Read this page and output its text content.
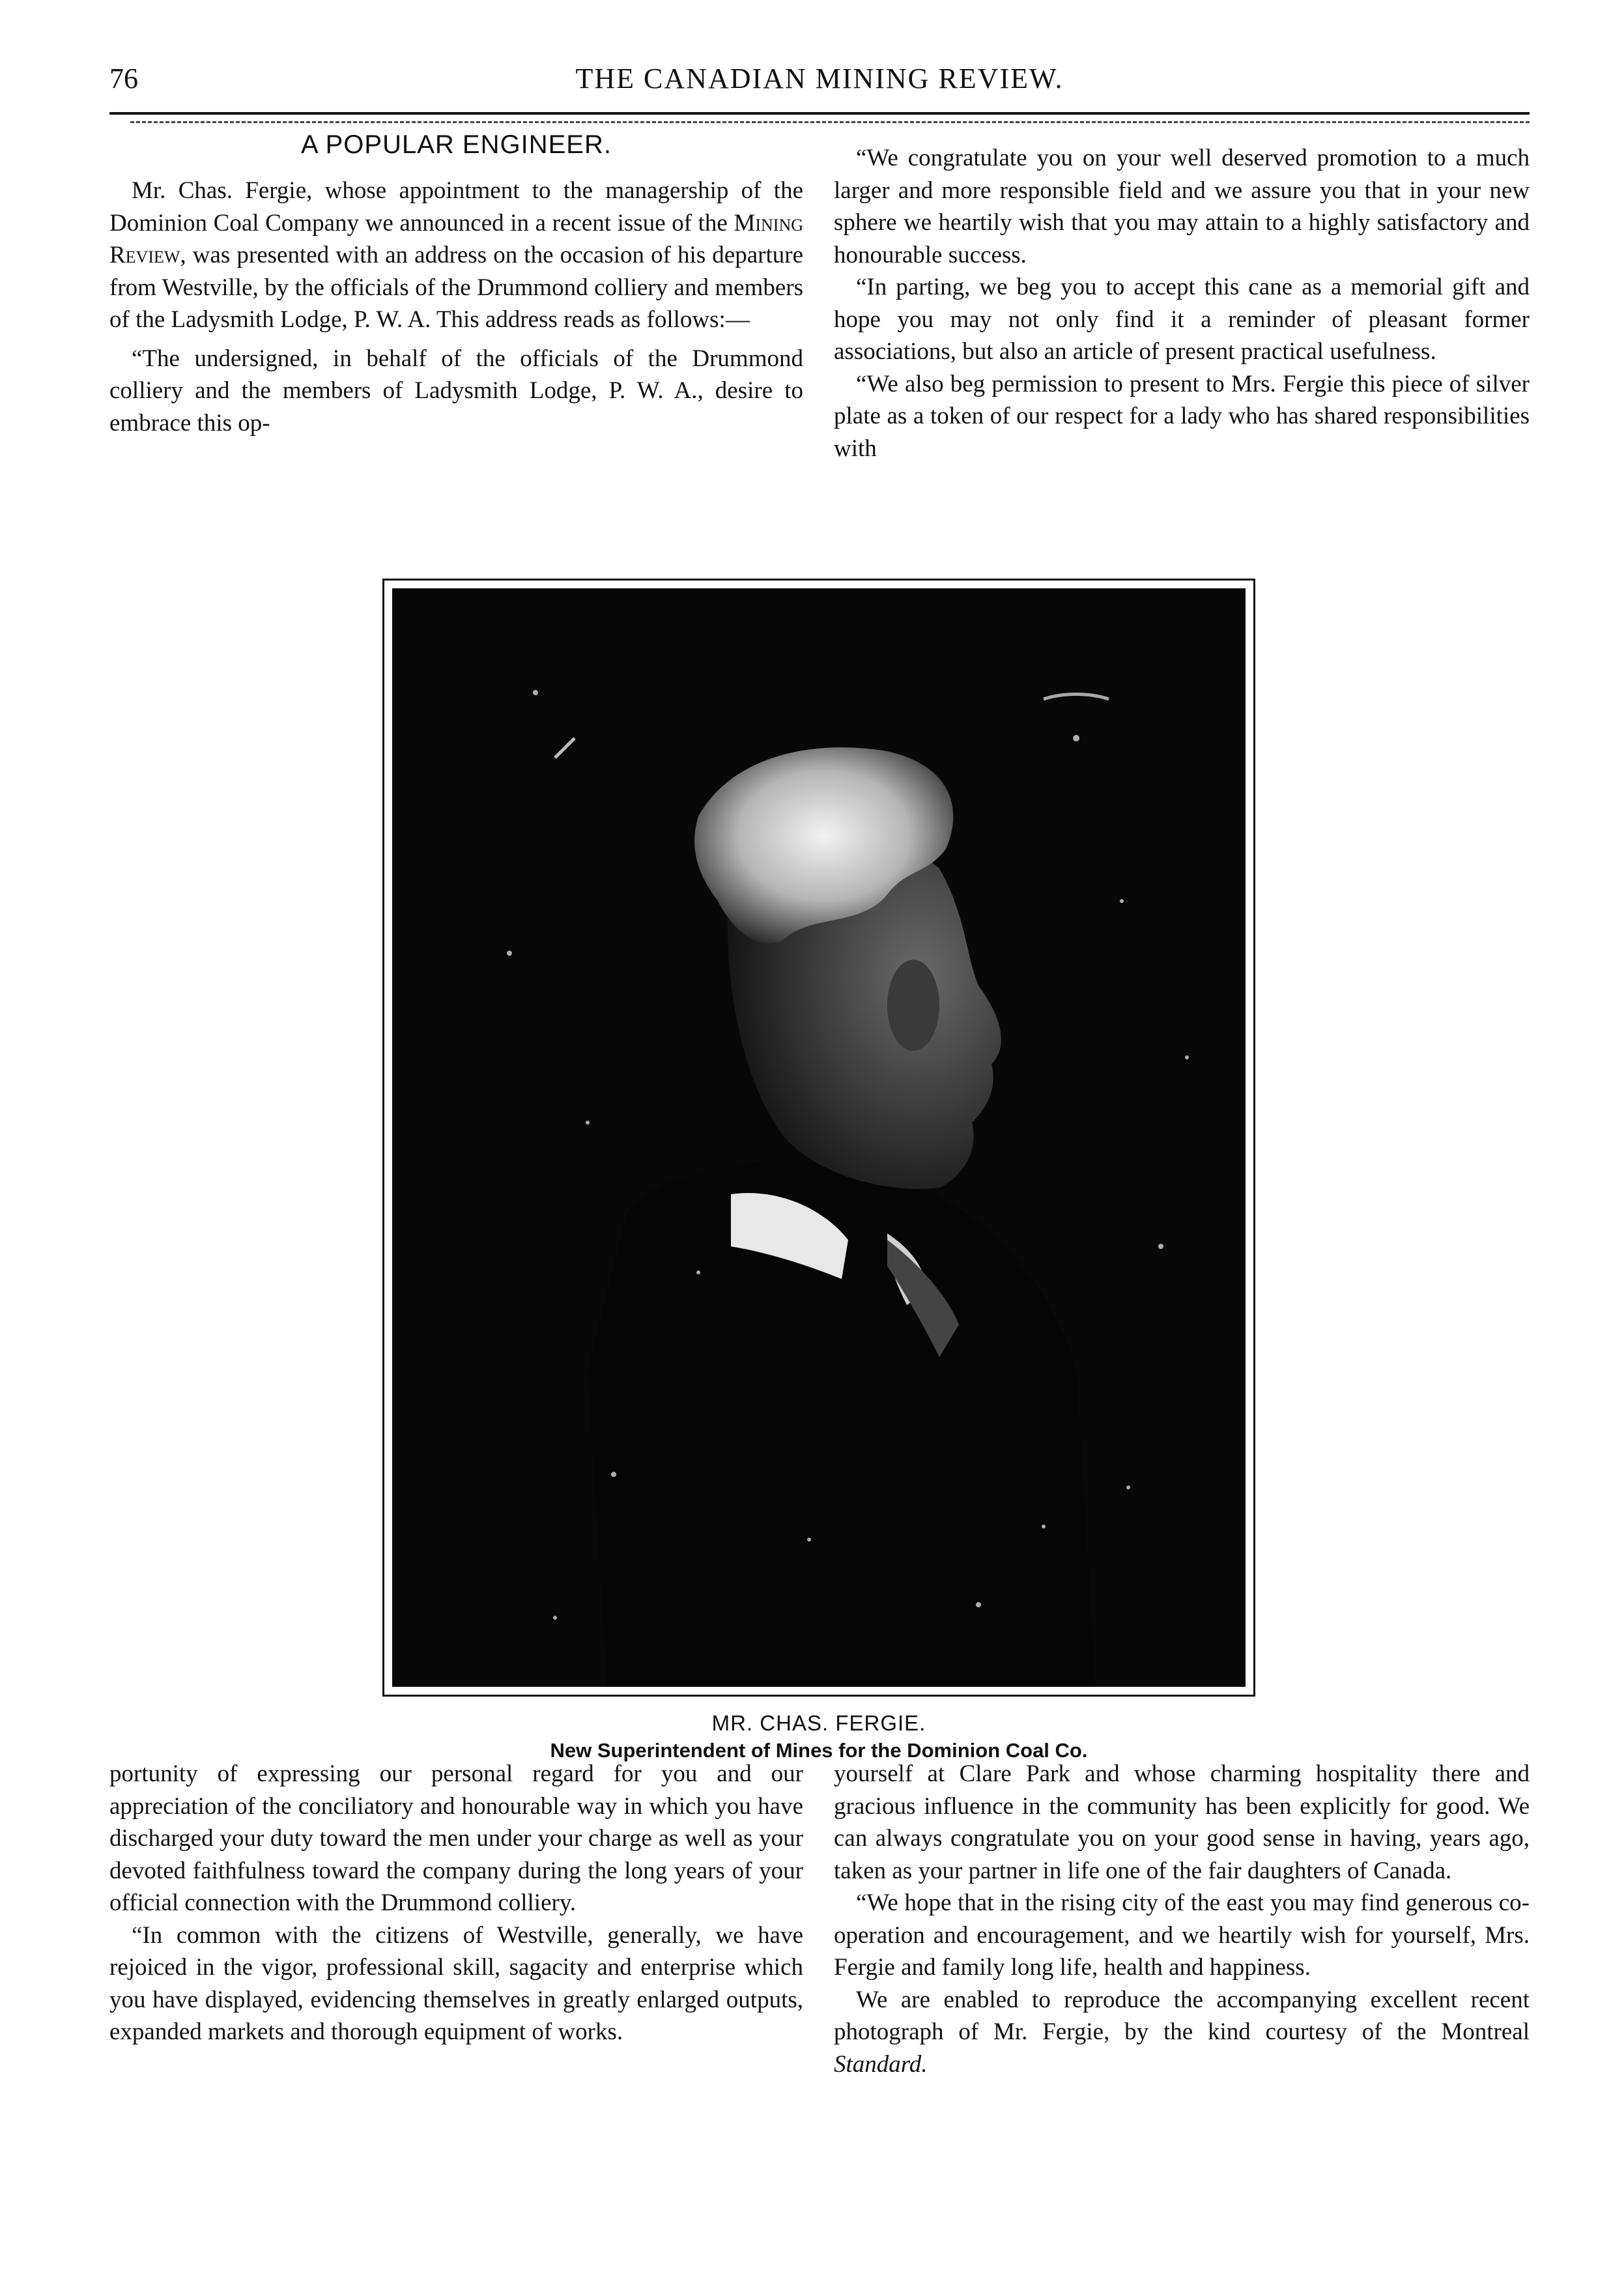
76	THE CANADIAN MINING REVIEW.
A POPULAR ENGINEER.

Mr. Chas. Fergie, whose appointment to the managership of the Dominion Coal Company we announced in a recent issue of the Mining Review, was presented with an address on the occasion of his departure from Westville, by the officials of the Drummond colliery and members of the Ladysmith Lodge, P. W. A. This address reads as follows:—

“The undersigned, in behalf of the officials of the Drummond colliery and the members of Ladysmith Lodge, P. W. A., desire to embrace this op-

“We congratulate you on your well deserved promotion to a much larger and more responsible field and we assure you that in your new sphere we heartily wish that you may attain to a highly satisfactory and honourable success.

“In parting, we beg you to accept this cane as a memorial gift and hope you may not only find it a reminder of pleasant former associations, but also an article of present practical usefulness.

“We also beg permission to present to Mrs. Fergie this piece of silver plate as a token of our respect for a lady who has shared responsibilities with

MR. CHAS. FERGIE.
New Superintendent of Mines for the Dominion Coal Co.

portunity of expressing our personal regard for you and our appreciation of the conciliatory and honourable way in which you have discharged your duty toward the men under your charge as well as your devoted faithfulness toward the company during the long years of your official connection with the Drummond colliery.

“In common with the citizens of Westville, generally, we have rejoiced in the vigor, professional skill, sagacity and enterprise which you have displayed, evidencing themselves in greatly enlarged outputs, expanded markets and thorough equipment of works.

yourself at Clare Park and whose charming hospitality there and gracious influence in the community has been explicitly for good. We can always congratulate you on your good sense in having, years ago, taken as your partner in life one of the fair daughters of Canada.

“We hope that in the rising city of the east you may find generous co-operation and encouragement, and we heartily wish for yourself, Mrs. Fergie and family long life, health and happiness.

We are enabled to reproduce the accompanying excellent recent photograph of Mr. Fergie, by the kind courtesy of the Montreal Standard.
